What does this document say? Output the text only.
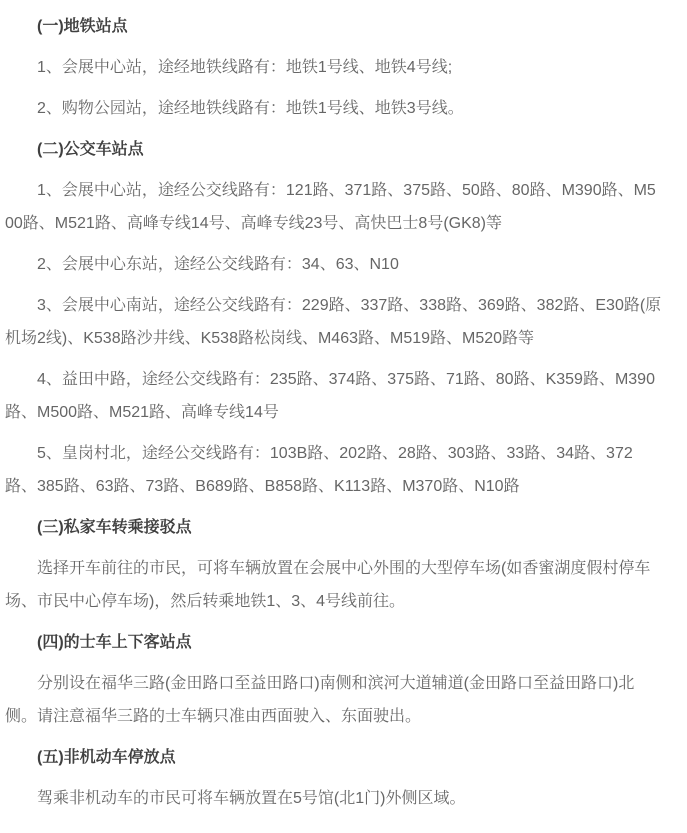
(一)地铁站点

1、会展中心站，途经地铁线路有：地铁1号线、地铁4号线;

2、购物公园站，途经地铁线路有：地铁1号线、地铁3号线。

(二)公交车站点

1、会展中心站，途经公交线路有：121路、371路、375路、50路、80路、M390路、M500路、M521路、高峰专线14号、高峰专线23号、高快巴士8号(GK8)等

2、会展中心东站，途经公交线路有：34、63、N10

3、会展中心南站，途经公交线路有：229路、337路、338路、369路、382路、E30路(原机场2线)、K538路沙井线、K538路松岗线、M463路、M519路、M520路等

4、益田中路，途经公交线路有：235路、374路、375路、71路、80路、K359路、M390路、M500路、M521路、高峰专线14号

5、皇岗村北，途经公交线路有：103B路、202路、28路、303路、33路、34路、372路、385路、63路、73路、B689路、B858路、K113路、M370路、N10路

(三)私家车转乘接驳点

选择开车前往的市民，可将车辆放置在会展中心外围的大型停车场(如香蜜湖度假村停车场、市民中心停车场)，然后转乘地铁1、3、4号线前往。

(四)的士车上下客站点

分别设在福华三路(金田路口至益田路口)南侧和滨河大道辅道(金田路口至益田路口)北侧。请注意福华三路的士车辆只准由西面驶入、东面驶出。

(五)非机动车停放点

驾乘非机动车的市民可将车辆放置在5号馆(北1门)外侧区域。
